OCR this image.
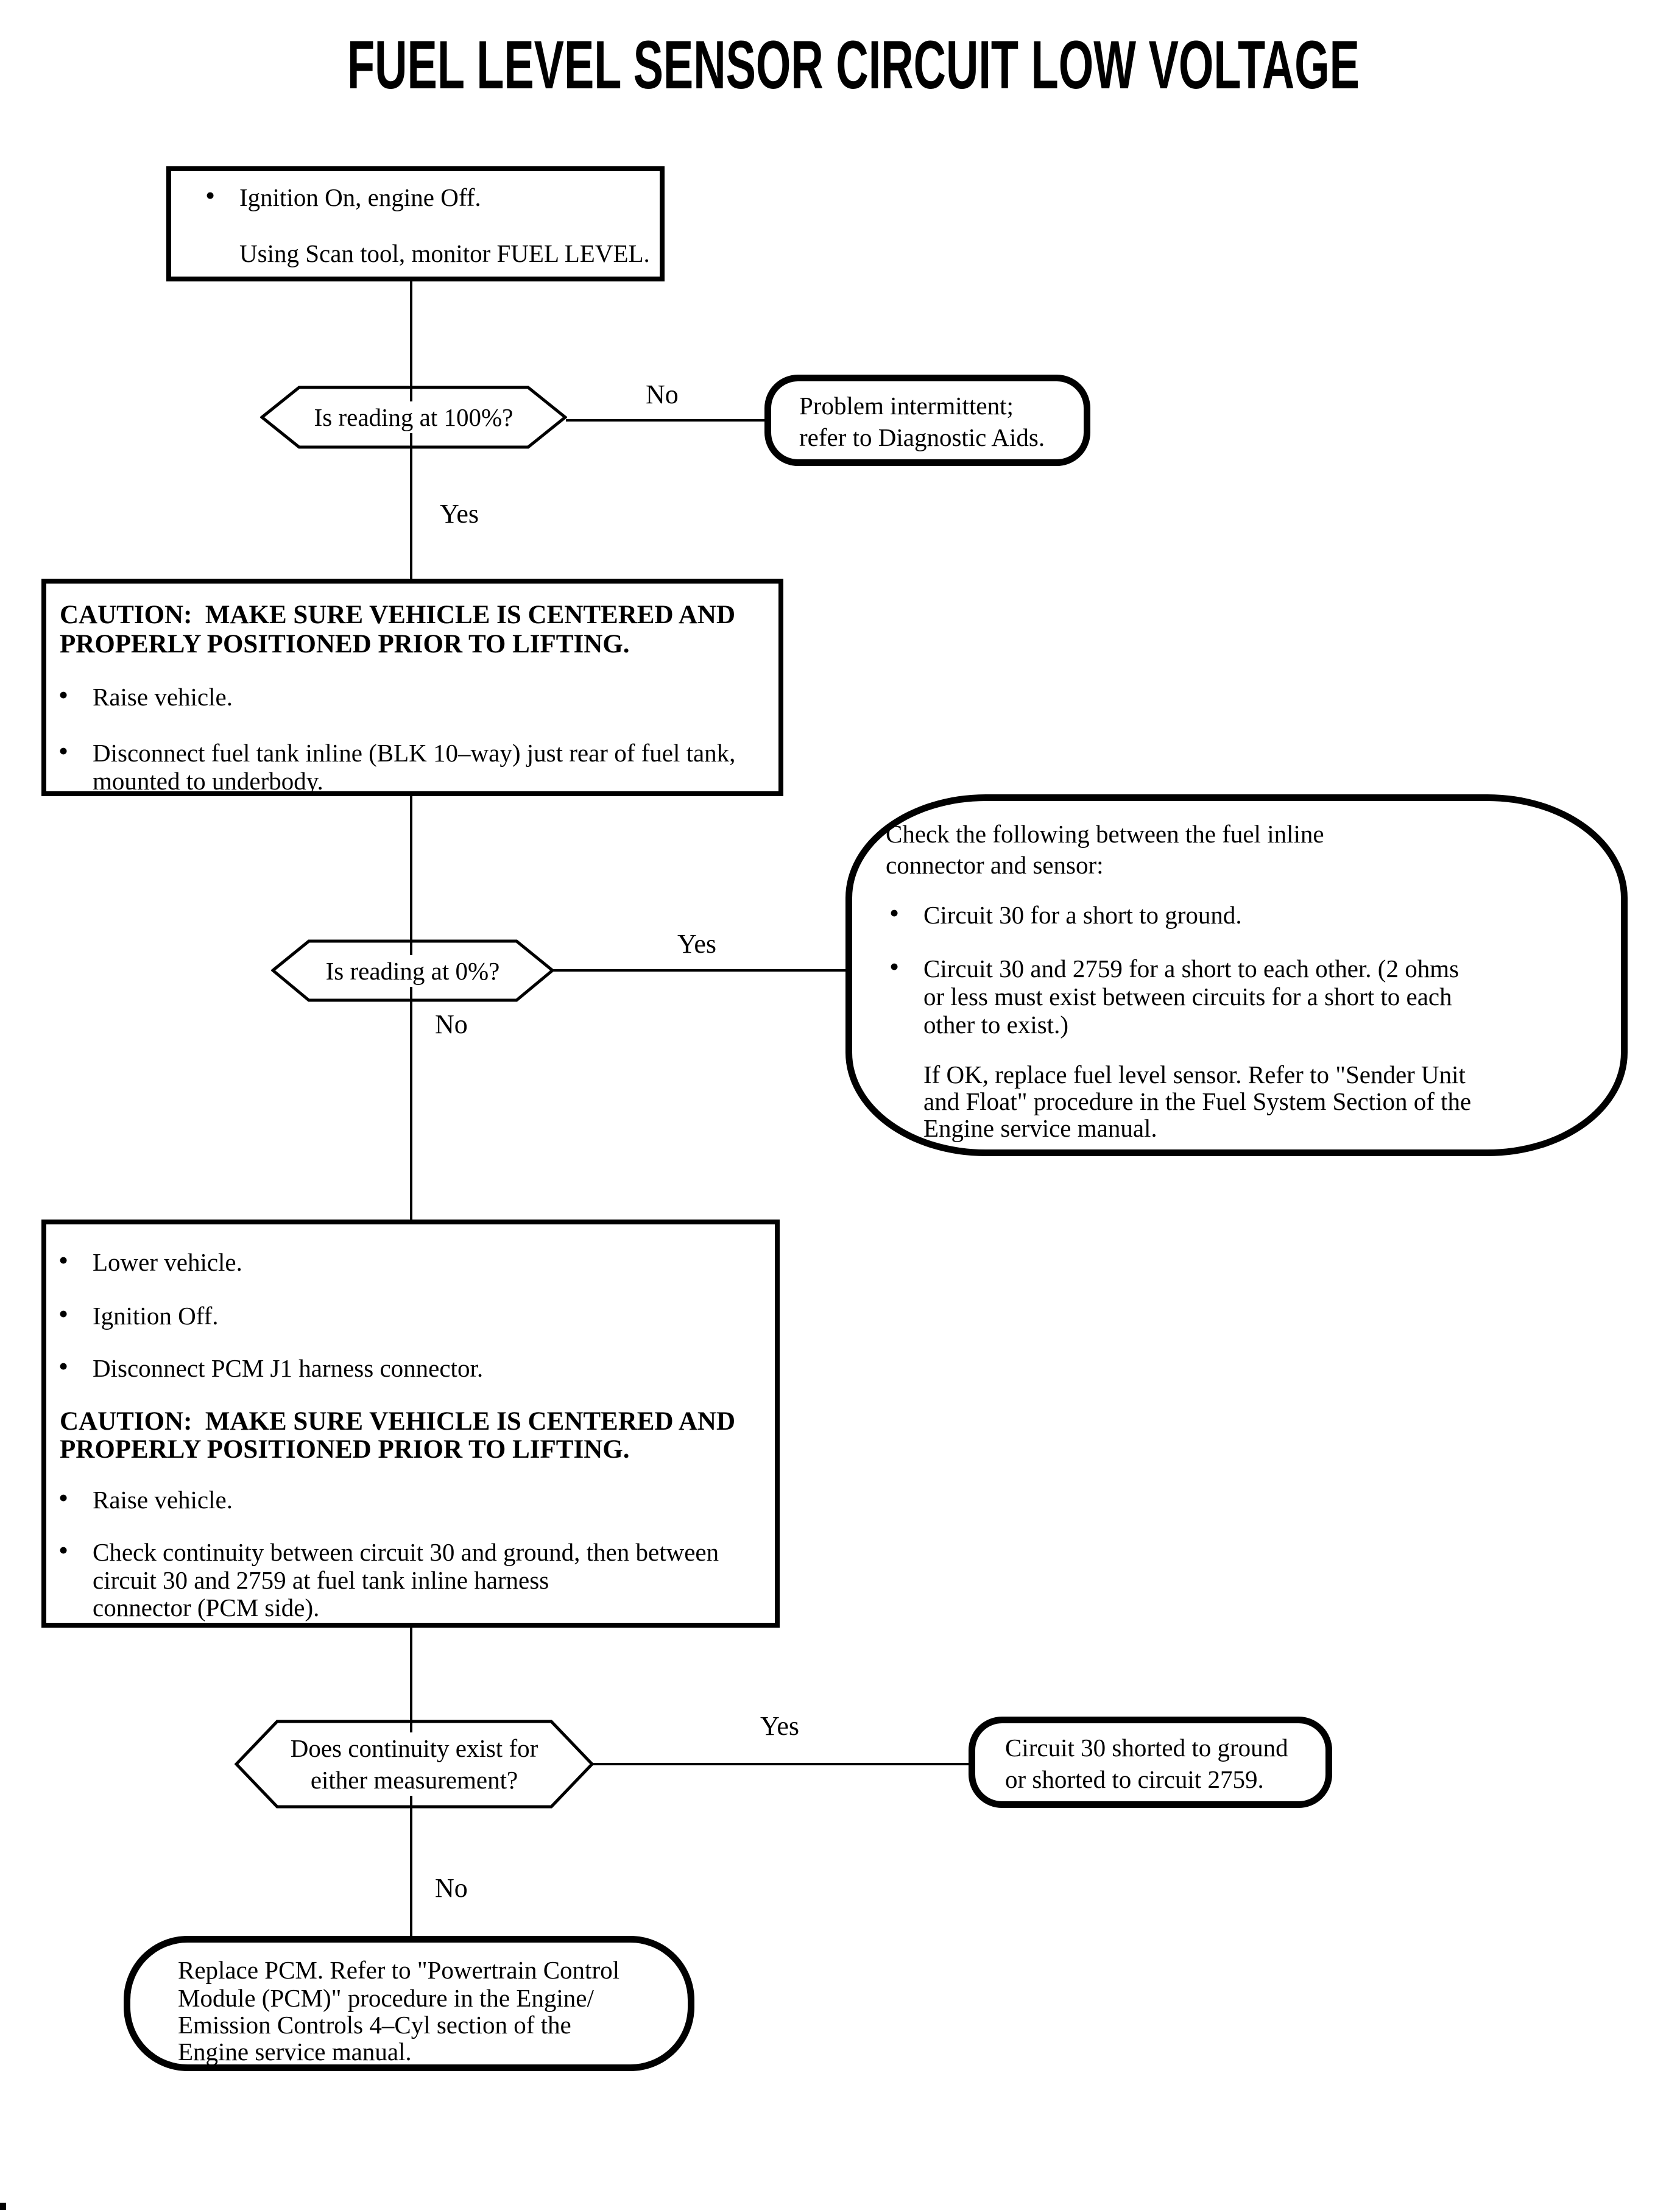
FUEL LEVEL SENSOR CIRCUIT LOW VOLTAGE
• Ignition On, engine Off.
Using Scan tool, monitor FUEL LEVEL.
Is reading at 100%?
No
Yes
Problem intermittent;
refer to Diagnostic Aids.
CAUTION:  MAKE SURE VEHICLE IS CENTERED AND
PROPERLY POSITIONED PRIOR TO LIFTING.
• Raise vehicle.
• Disconnect fuel tank inline (BLK 10–way) just rear of fuel tank,
mounted to underbody.
Is reading at 0%?
Yes
No
Check the following between the fuel inline
connector and sensor:
• Circuit 30 for a short to ground.
• Circuit 30 and 2759 for a short to each other. (2 ohms
or less must exist between circuits for a short to each
other to exist.)
If OK, replace fuel level sensor. Refer to "Sender Unit
and Float" procedure in the Fuel System Section of the
Engine service manual.
• Lower vehicle.
• Ignition Off.
• Disconnect PCM J1 harness connector.
CAUTION:  MAKE SURE VEHICLE IS CENTERED AND
PROPERLY POSITIONED PRIOR TO LIFTING.
• Raise vehicle.
• Check continuity between circuit 30 and ground, then between
circuit 30 and 2759 at fuel tank inline harness
connector (PCM side).
Does continuity exist for
either measurement?
Yes
No
Circuit 30 shorted to ground
or shorted to circuit 2759.
Replace PCM. Refer to "Powertrain Control
Module (PCM)" procedure in the Engine/
Emission Controls 4–Cyl section of the
Engine service manual.
